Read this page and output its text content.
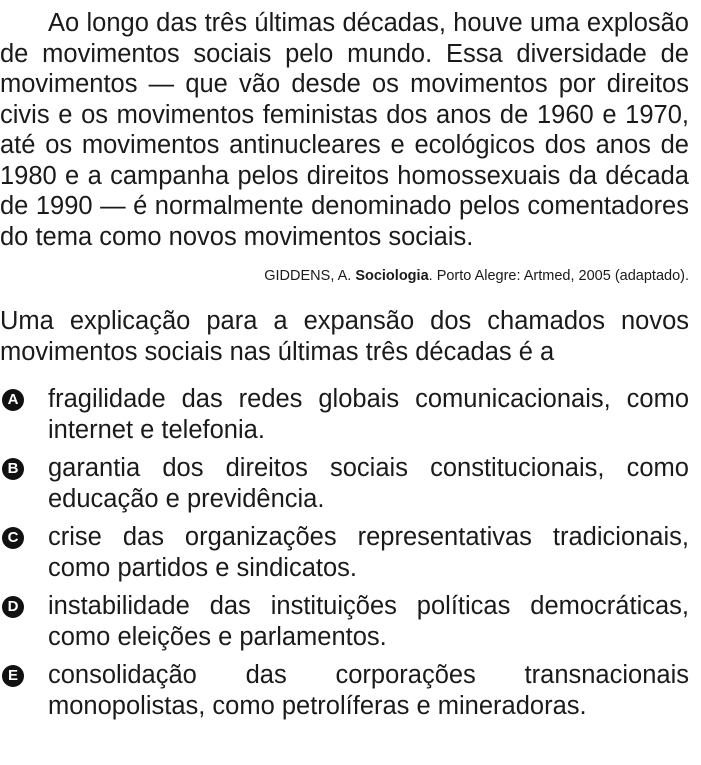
Ao longo das três últimas décadas, houve uma explosão de movimentos sociais pelo mundo. Essa diversidade de movimentos — que vão desde os movimentos por direitos civis e os movimentos feministas dos anos de 1960 e 1970, até os movimentos antinucleares e ecológicos dos anos de 1980 e a campanha pelos direitos homossexuais da década de 1990 — é normalmente denominado pelos comentadores do tema como novos movimentos sociais.

GIDDENS, A. Sociologia. Porto Alegre: Artmed, 2005 (adaptado).

Uma explicação para a expansão dos chamados novos movimentos sociais nas últimas três décadas é a

A fragilidade das redes globais comunicacionais, como internet e telefonia.
B garantia dos direitos sociais constitucionais, como educação e previdência.
C crise das organizações representativas tradicionais, como partidos e sindicatos.
D instabilidade das instituições políticas democráticas, como eleições e parlamentos.
E consolidação das corporações transnacionais monopolistas, como petrolíferas e mineradoras.
